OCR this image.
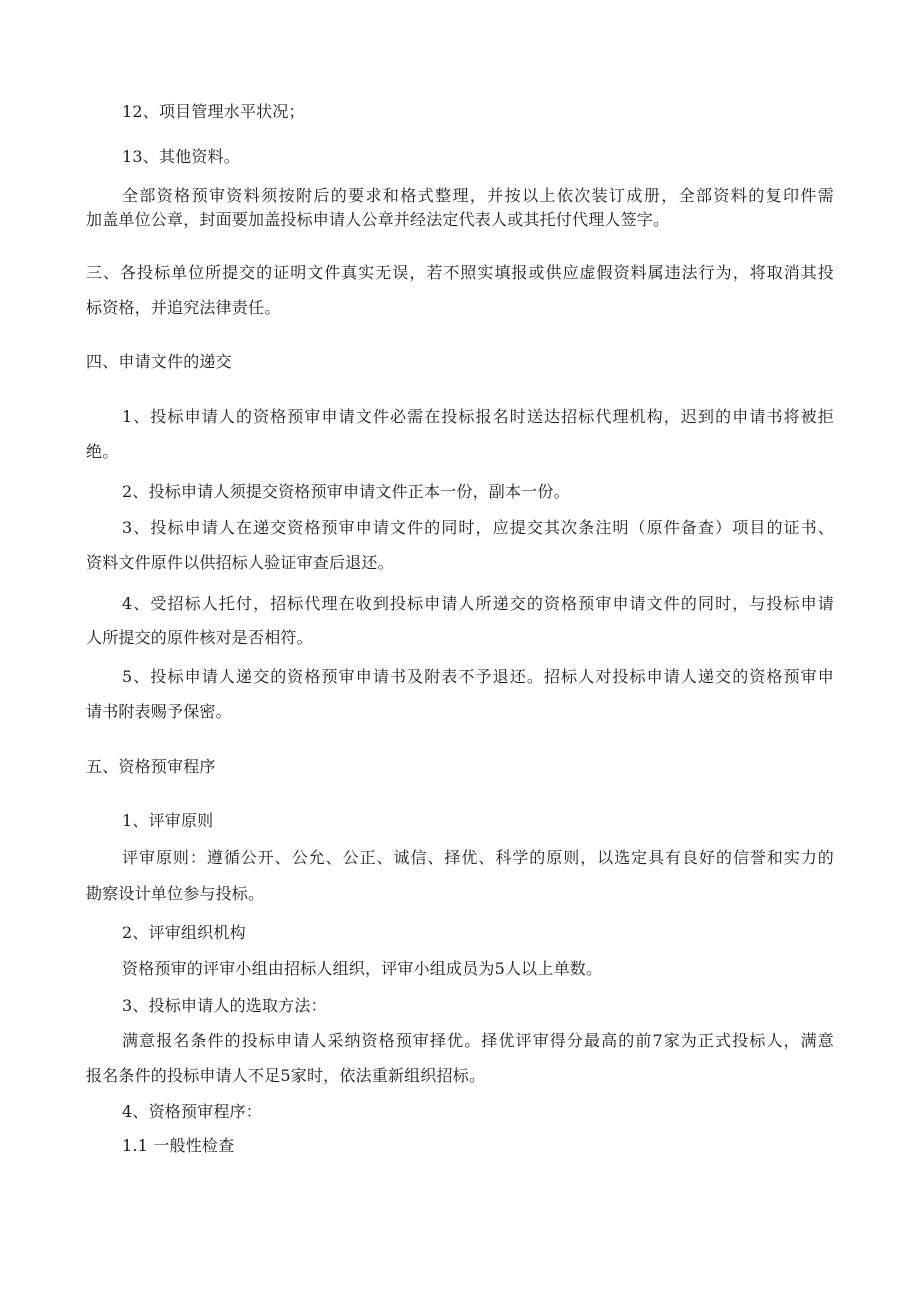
12、项目管理水平状况；
13、其他资料。
全部资格预审资料须按附后的要求和格式整理，并按以上依次装订成册，全部资料的复印件需
加盖单位公章，封面要加盖投标申请人公章并经法定代表人或其托付代理人签字。
三、各投标单位所提交的证明文件真实无误，若不照实填报或供应虚假资料属违法行为，将取消其投
标资格，并追究法律责任。
四、申请文件的递交
1、投标申请人的资格预审申请文件必需在投标报名时送达招标代理机构，迟到的申请书将被拒
绝。
2、投标申请人须提交资格预审申请文件正本一份，副本一份。
3、投标申请人在递交资格预审申请文件的同时，应提交其次条注明（原件备查）项目的证书、
资料文件原件以供招标人验证审查后退还。
4、受招标人托付，招标代理在收到投标申请人所递交的资格预审申请文件的同时，与投标申请
人所提交的原件核对是否相符。
5、投标申请人递交的资格预审申请书及附表不予退还。招标人对投标申请人递交的资格预审申
请书附表赐予保密。
五、资格预审程序
1、评审原则
评审原则：遵循公开、公允、公正、诚信、择优、科学的原则，以选定具有良好的信誉和实力的
勘察设计单位参与投标。
2、评审组织机构
资格预审的评审小组由招标人组织，评审小组成员为5人以上单数。
3、投标申请人的选取方法：
满意报名条件的投标申请人采纳资格预审择优。择优评审得分最高的前7家为正式投标人，满意
报名条件的投标申请人不足5家时，依法重新组织招标。
4、资格预审程序：
1.1 一般性检查
